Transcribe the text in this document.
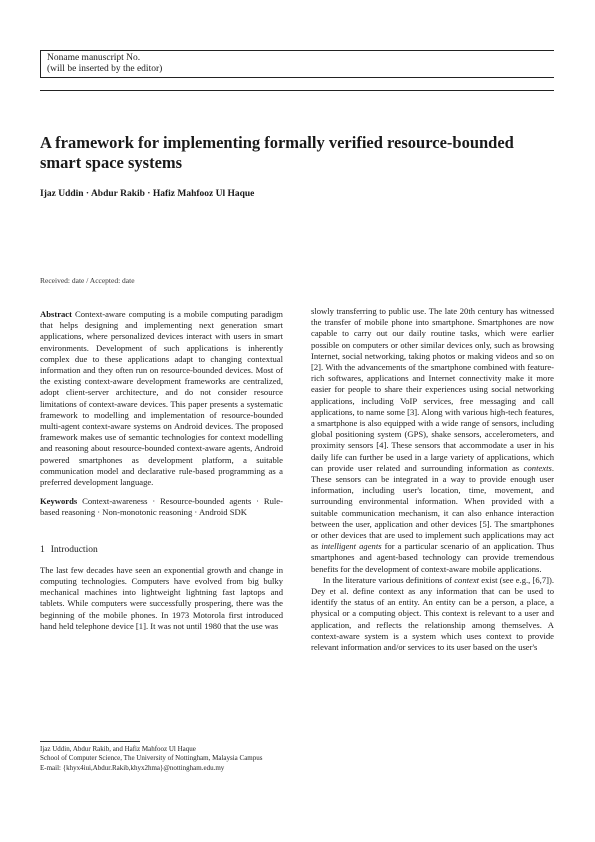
Noname manuscript No.
(will be inserted by the editor)
A framework for implementing formally verified resource-bounded smart space systems
Ijaz Uddin · Abdur Rakib · Hafiz Mahfooz Ul Haque
Received: date / Accepted: date

Abstract Context-aware computing is a mobile computing paradigm that helps designing and implementing next generation smart applications, where personalized devices interact with users in smart environments. Development of such applications is inherently complex due to these applications adapt to changing contextual information and they often run on resource-bounded devices. Most of the existing context-aware development frameworks are centralized, adopt client-server architecture, and do not consider resource limitations of context-aware devices. This paper presents a systematic framework to modelling and implementation of resource-bounded multi-agent context-aware systems on Android devices. The proposed framework makes use of semantic technologies for context modelling and reasoning about resource-bounded context-aware agents, Android powered smartphones as development platform, a suitable communication model and declarative rule-based programming as a preferred development language.

Keywords Context-awareness · Resource-bounded agents · Rule-based reasoning · Non-monotonic reasoning · Android SDK

1 Introduction

The last few decades have seen an exponential growth and change in computing technologies. Computers have evolved from big bulky mechanical machines into lightweight lightning fast laptops and tablets. While computers were successfully prospering, there was the beginning of the mobile phones. In 1973 Motorola first introduced hand held telephone device [1]. It was not until 1980 that the use was

slowly transferring to public use. The late 20th century has witnessed the transfer of mobile phone into smartphone. Smartphones are now capable to carry out our daily routine tasks, which were earlier possible on computers or other similar devices only, such as browsing Internet, social networking, taking photos or making videos and so on [2]. With the advancements of the smartphone combined with feature-rich softwares, applications and Internet connectivity make it more easier for people to share their experiences using social networking applications, including VoIP services, free messaging and call applications, to name some [3]. Along with various high-tech features, a smartphone is also equipped with a wide range of sensors, including global positioning system (GPS), shake sensors, accelerometers, and proximity sensors [4]. These sensors that accommodate a user in his daily life can further be used in a large variety of applications, which can provide user related and surrounding information as contexts. These sensors can be integrated in a way to provide enough user information, including user's location, time, movement, and surrounding environmental information. When provided with a suitable communication mechanism, it can also enhance interaction between the user, application and other devices [5]. The smartphones or other devices that are used to implement such applications may act as intelligent agents for a particular scenario of an application. Thus smartphones and agent-based technology can provide tremendous benefits for the development of context-aware mobile applications.

In the literature various definitions of context exist (see e.g., [6,7]). Dey et al. define context as any information that can be used to identify the status of an entity. An entity can be a person, a place, a physical or a computing object. This context is relevant to a user and application, and reflects the relationship among themselves. A context-aware system is a system which uses context to provide relevant information and/or services to its user based on the user's

Ijaz Uddin, Abdur Rakib, and Hafiz Mahfooz Ul Haque

School of Computer Science, The University of Nottingham, Malaysia Campus

E-mail: {khyx4iui,Abdur.Rakib,khyx2hma}@nottingham.edu.my
